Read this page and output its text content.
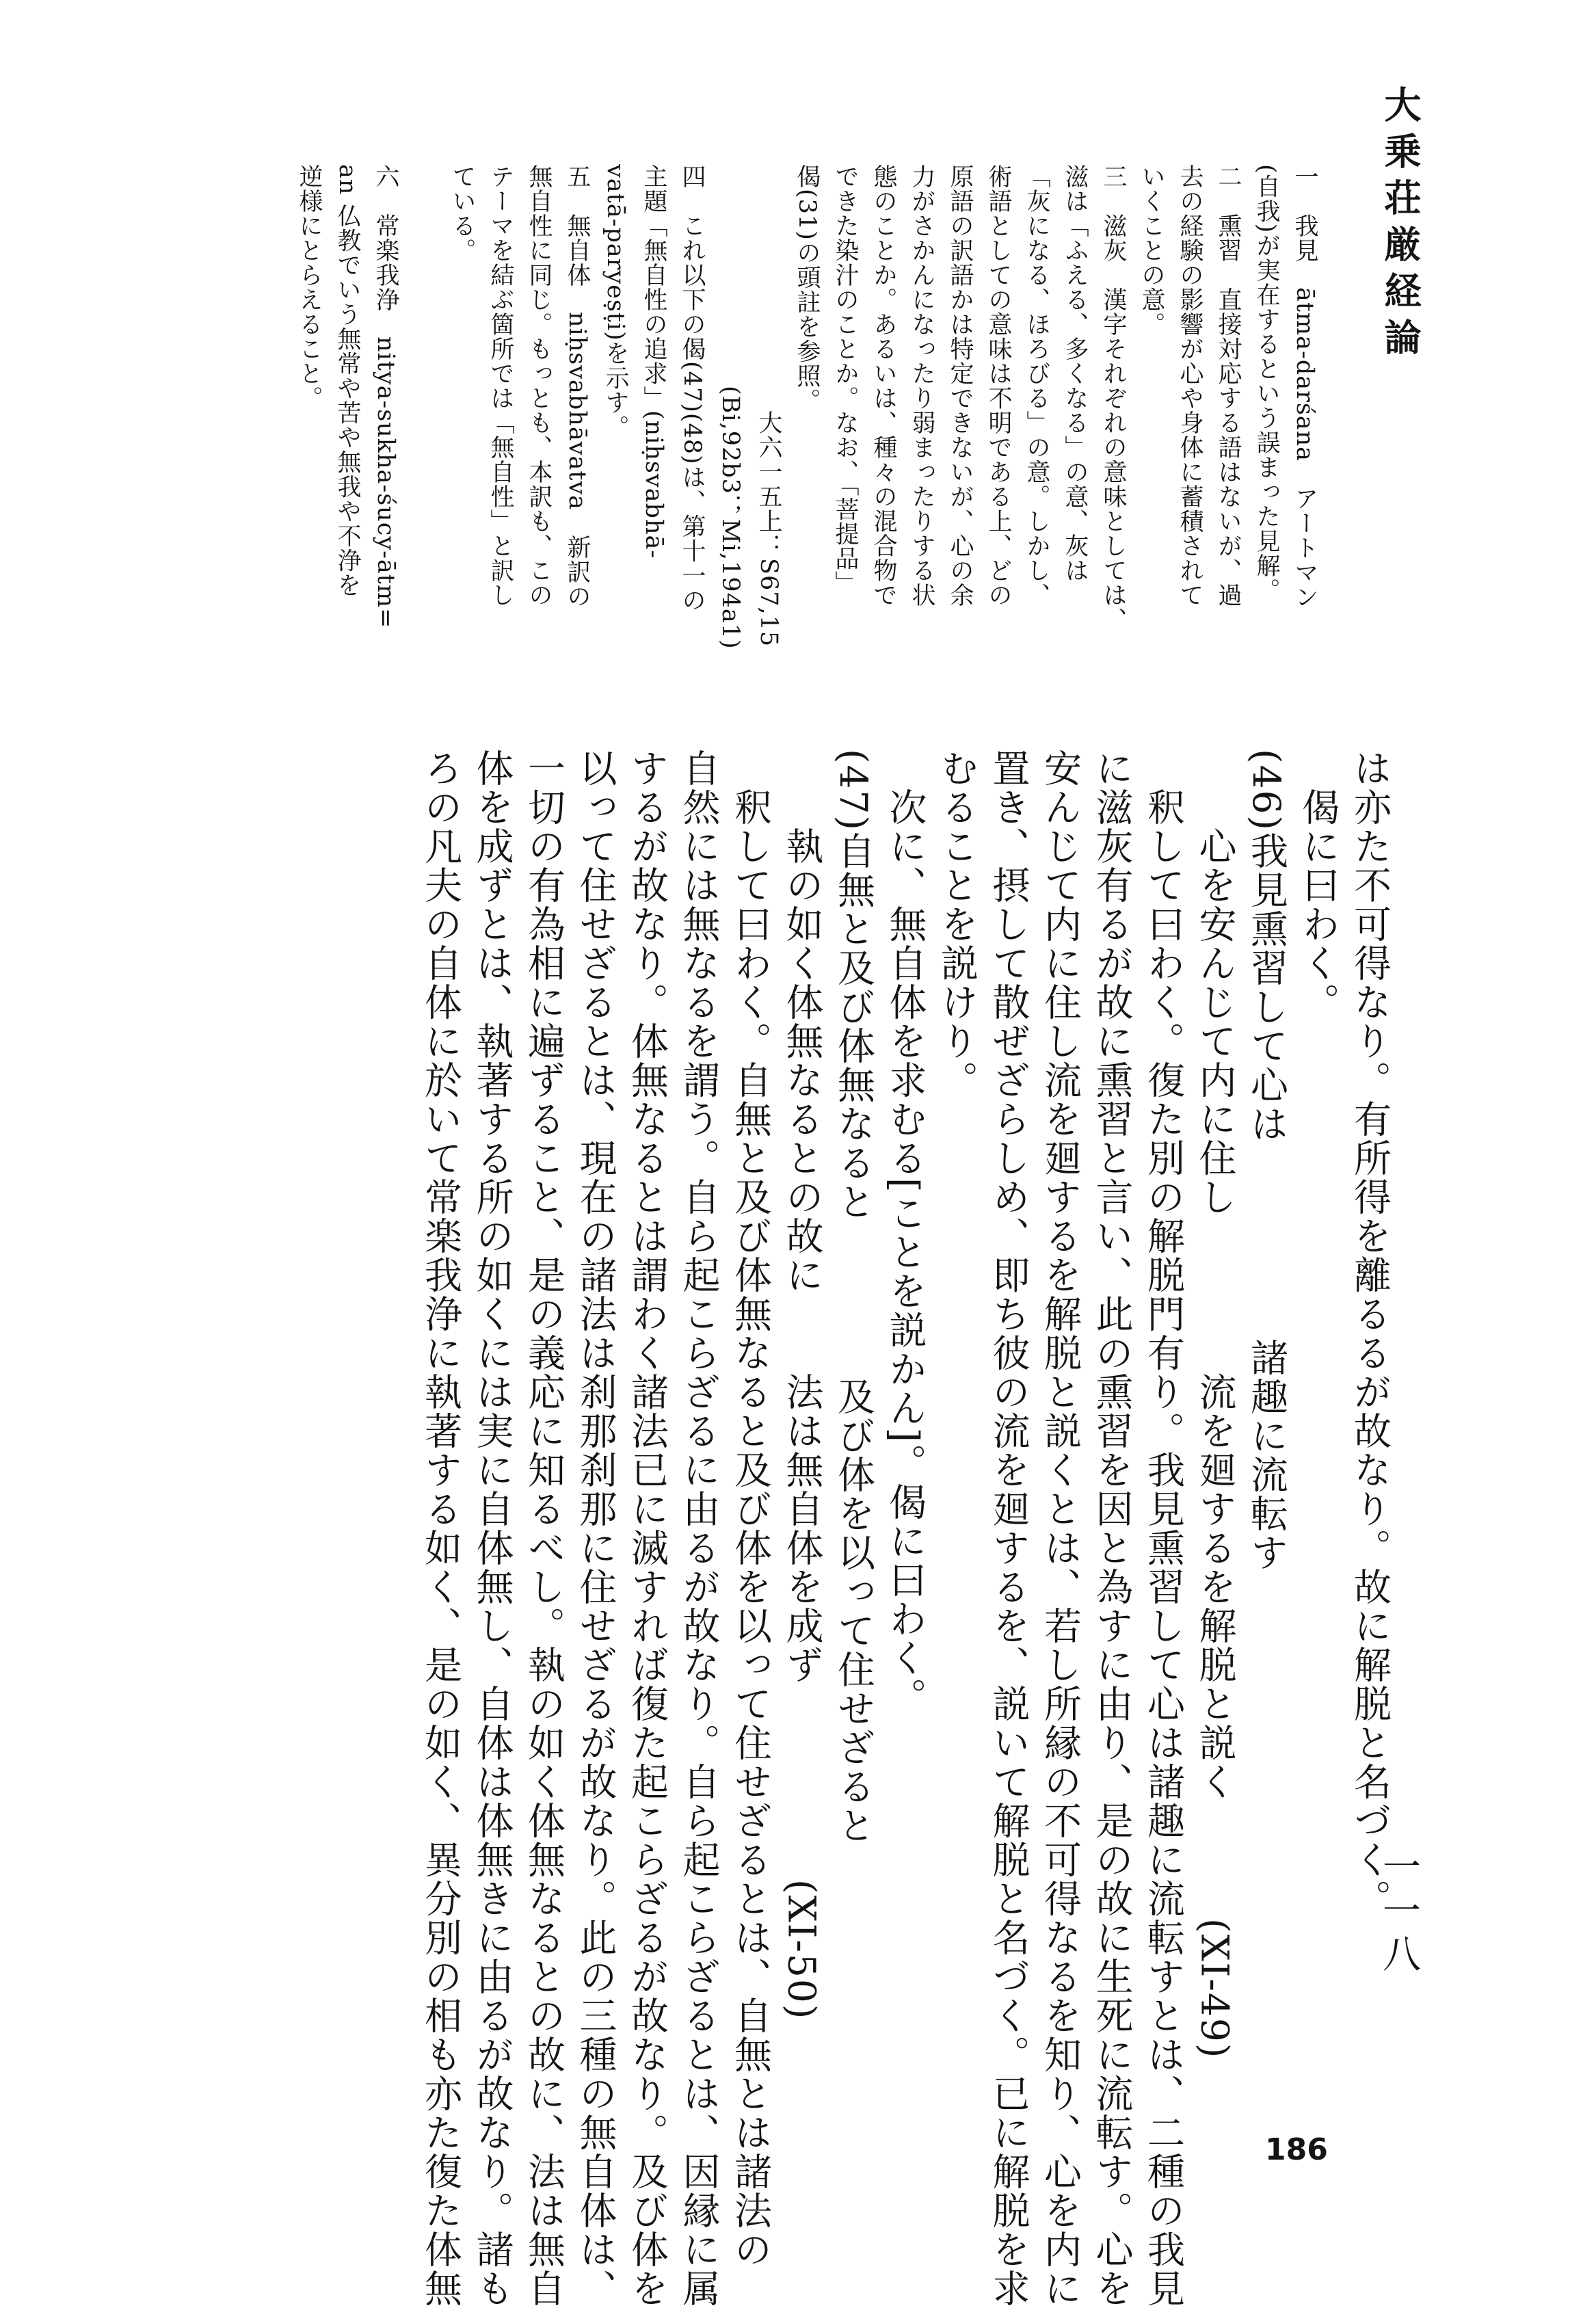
大乗荘厳経論
一一八
186
は亦た不可得なり。有所得を離るるが故なり。故に解脱と名づく。
　偈に曰わく。
(46)我見熏習して心は　　　　　諸趣に流転す
　　心を安んじて内に住し　　　　流を廻するを解脱と説く　　　(XI-49)
　釈して曰わく。復た別の解脱門有り。我見熏習して心は諸趣に流転すとは、二種の我見
に滋灰有るが故に熏習と言い、此の熏習を因と為すに由り、是の故に生死に流転す。心を
安んじて内に住し流を廻するを解脱と説くとは、若し所縁の不可得なるを知り、心を内に
置き、摂して散ぜざらしめ、即ち彼の流を廻するを、説いて解脱と名づく。已に解脱を求
むることを説けり。
　次に、無自体を求むる[ことを説かん]。偈に曰わく。
(47)自無と及び体無なると　　　　及び体を以って住せざると
　　執の如く体無なるとの故に　　法は無自体を成ず　　　　　(XI-50)
　釈して曰わく。自無と及び体無なると及び体を以って住せざるとは、自無とは諸法の
自然には無なるを謂う。自ら起こらざるに由るが故なり。自ら起こらざるとは、因縁に属
するが故なり。体無なるとは謂わく諸法已に滅すれば復た起こらざるが故なり。及び体を
以って住せざるとは、現在の諸法は刹那刹那に住せざるが故なり。此の三種の無自体は、
一切の有為相に遍ずること、是の義応に知るべし。執の如く体無なるとの故に、法は無自
体を成ずとは、執著する所の如くには実に自体無し、自体は体無きに由るが故なり。諸も
ろの凡夫の自体に於いて常楽我浄に執著する如く、是の如く、異分別の相も亦た復た体無
一　我見　ātma-darśana　アートマン
(自我)が実在するという誤まった見解。
二　熏習　直接対応する語はないが、過
去の経験の影響が心や身体に蓄積されて
いくことの意。
三　滋灰　漢字それぞれの意味としては、
滋は「ふえる、多くなる」の意、灰は
「灰になる、ほろびる」の意。しかし、
術語としての意味は不明である上、どの
原語の訳語かは特定できないが、心の余
力がさかんになったり弱まったりする状
態のことか。あるいは、種々の混合物で
できた染汁のことか。なお、「菩提品」
偈(31)の頭註を参照。
　　　　　　　　　　大六一五上：S67,15
　　　　　　　　　(Bi,92b3；Mi,194a1)
四　これ以下の偈(47)(48)は、第十一の
主題「無自性の追求」(niḥsvabhā-
vatā-paryeṣṭi)を示す。
五　無自体　niḥsvabhāvatva　新訳の
無自性に同じ。もっとも、本訳も、この
テーマを結ぶ箇所では「無自性」と訳し
ている。
六　常楽我浄　nitya-sukha-śucy-ātm=
an 仏教でいう無常や苦や無我や不浄を
逆様にとらえること。
